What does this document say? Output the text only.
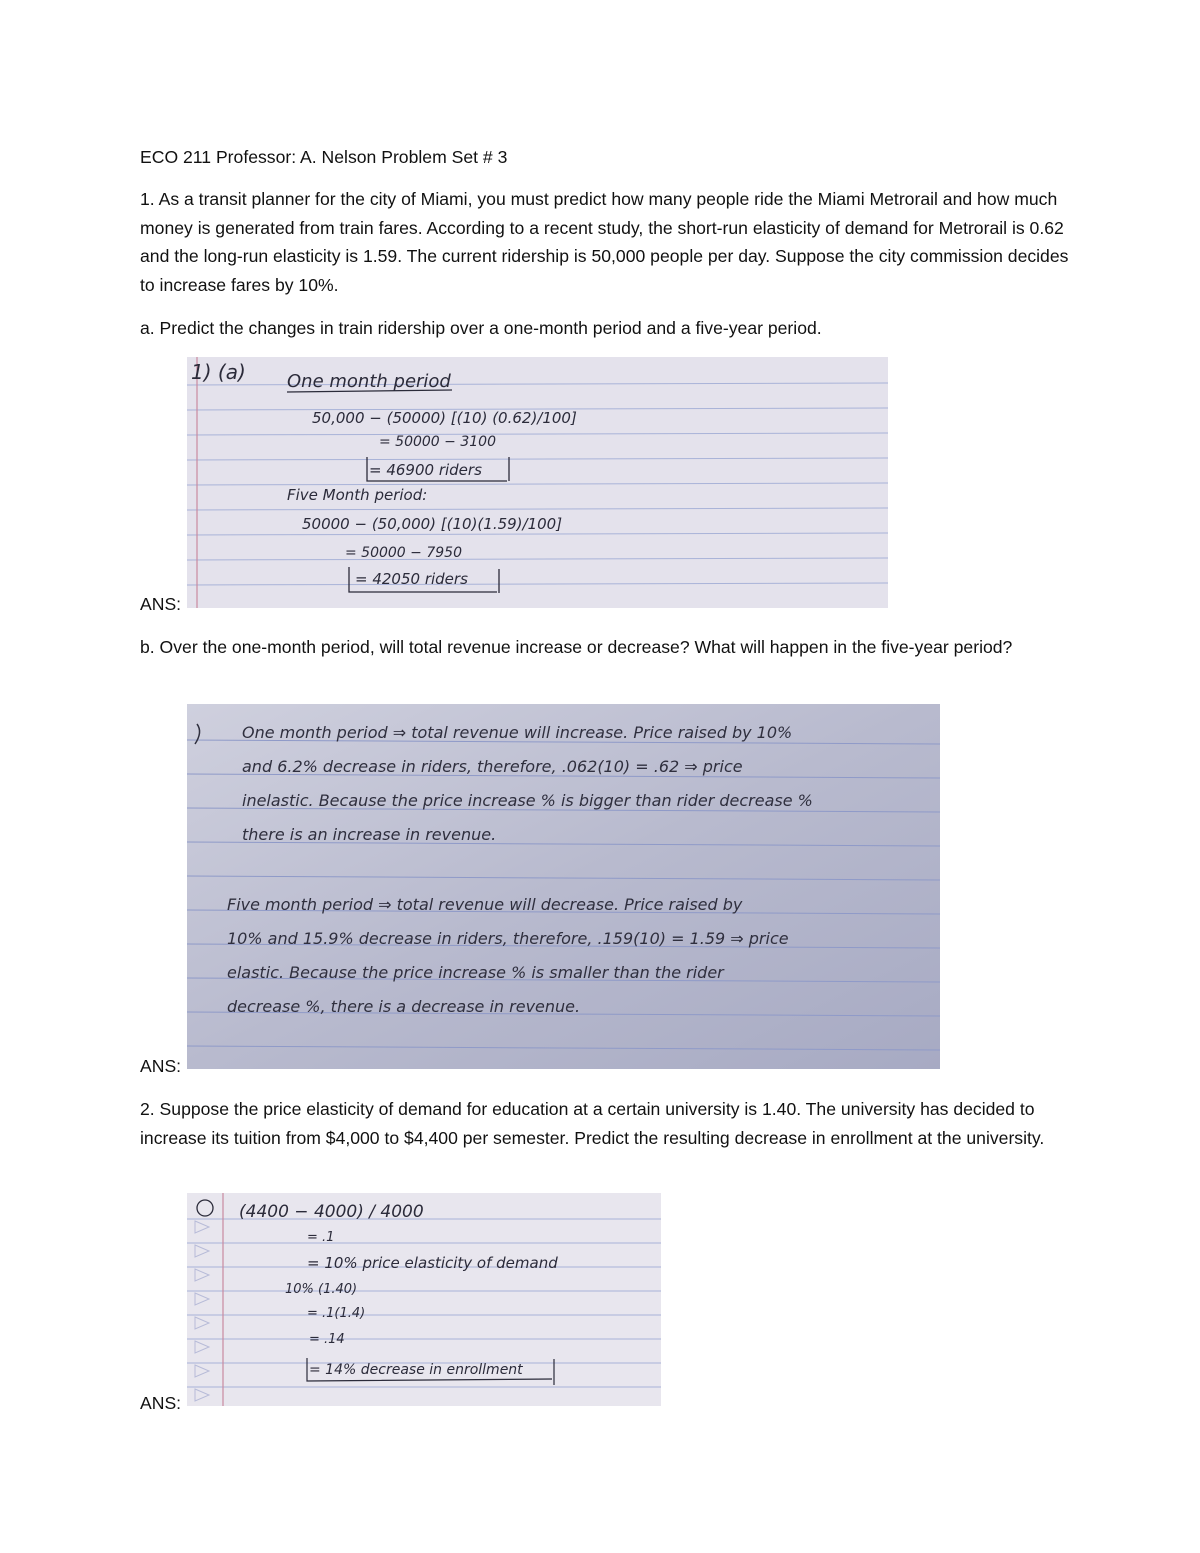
ECO 211 Professor: A. Nelson Problem Set # 3

1. As a transit planner for the city of Miami, you must predict how many people ride the Miami Metrorail and how much money is generated from train fares. According to a recent study, the short-run elasticity of demand for Metrorail is 0.62 and the long-run elasticity is 1.59. The current ridership is 50,000 people per day. Suppose the city commission decides to increase fares by 10%.

a. Predict the changes in train ridership over a one-month period and a five-year period.

1) (a) One month period
50,000 − (50000) [(10) (0.62)/100]
= 50000 − 3100
= 46900 riders
Five Month period:
50000 − (50,000) [(10)(1.59)/100]
= 50000 − 7950
= 42050 riders
ANS:

b. Over the one-month period, will total revenue increase or decrease? What will happen in the five-year period?

One month period ⇒ total revenue will increase. Price raised by 10%
and 6.2% decrease in riders, therefore, .062(10) = .62 ⇒ price
inelastic. Because the price increase % is bigger than rider decrease %
there is an increase in revenue.
Five month period ⇒ total revenue will decrease. Price raised by
10% and 15.9% decrease in riders, therefore, .159(10) = 1.59 ⇒ price
elastic. Because the price increase % is smaller than the rider
decrease %, there is a decrease in revenue.
ANS:

2. Suppose the price elasticity of demand for education at a certain university is 1.40. The university has decided to increase its tuition from $4,000 to $4,400 per semester. Predict the resulting decrease in enrollment at the university.

(4400 − 4000) / 4000
= .1
= 10% price elasticity of demand
10% (1.40)
= .1(1.4)
= .14
= 14% decrease in enrollment
ANS:
